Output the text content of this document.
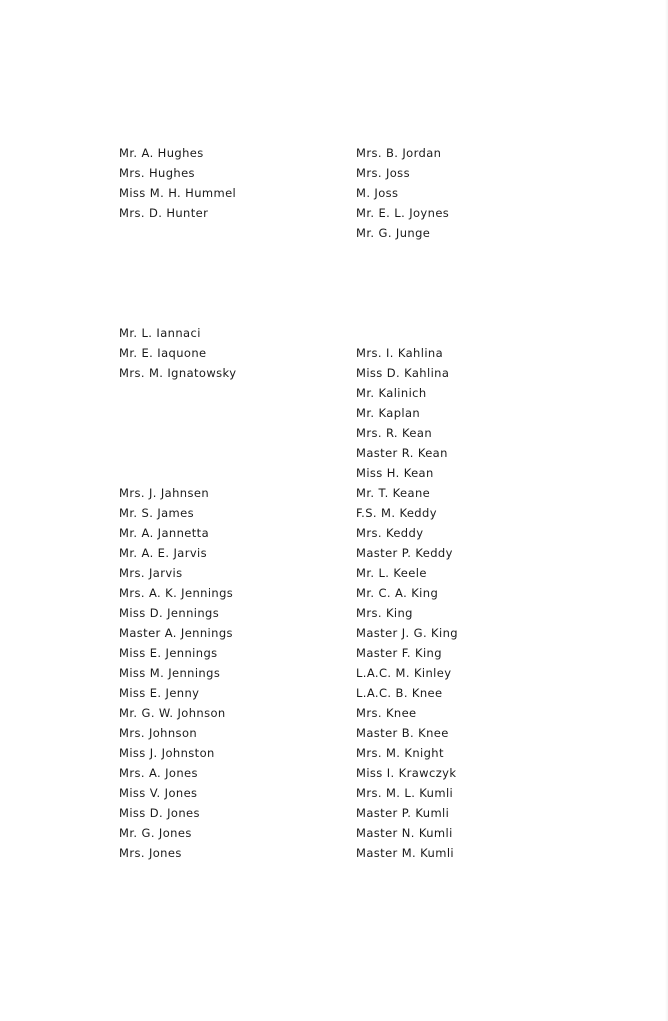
Mr. A. Hughes
Mrs. Hughes
Miss M. H. Hummel
Mrs. D. Hunter
Mr. L. Iannaci
Mr. E. Iaquone
Mrs. M. Ignatowsky
Mrs. J. Jahnsen
Mr. S. James
Mr. A. Jannetta
Mr. A. E. Jarvis
Mrs. Jarvis
Mrs. A. K. Jennings
Miss D. Jennings
Master A. Jennings
Miss E. Jennings
Miss M. Jennings
Miss E. Jenny
Mr. G. W. Johnson
Mrs. Johnson
Miss J. Johnston
Mrs. A. Jones
Miss V. Jones
Miss D. Jones
Mr. G. Jones
Mrs. Jones
Mrs. B. Jordan
Mrs. Joss
M. Joss
Mr. E. L. Joynes
Mr. G. Junge
Mrs. I. Kahlina
Miss D. Kahlina
Mr. Kalinich
Mr. Kaplan
Mrs. R. Kean
Master R. Kean
Miss H. Kean
Mr. T. Keane
F.S. M. Keddy
Mrs. Keddy
Master P. Keddy
Mr. L. Keele
Mr. C. A. King
Mrs. King
Master J. G. King
Master F. King
L.A.C. M. Kinley
L.A.C. B. Knee
Mrs. Knee
Master B. Knee
Mrs. M. Knight
Miss I. Krawczyk
Mrs. M. L. Kumli
Master P. Kumli
Master N. Kumli
Master M. Kumli
